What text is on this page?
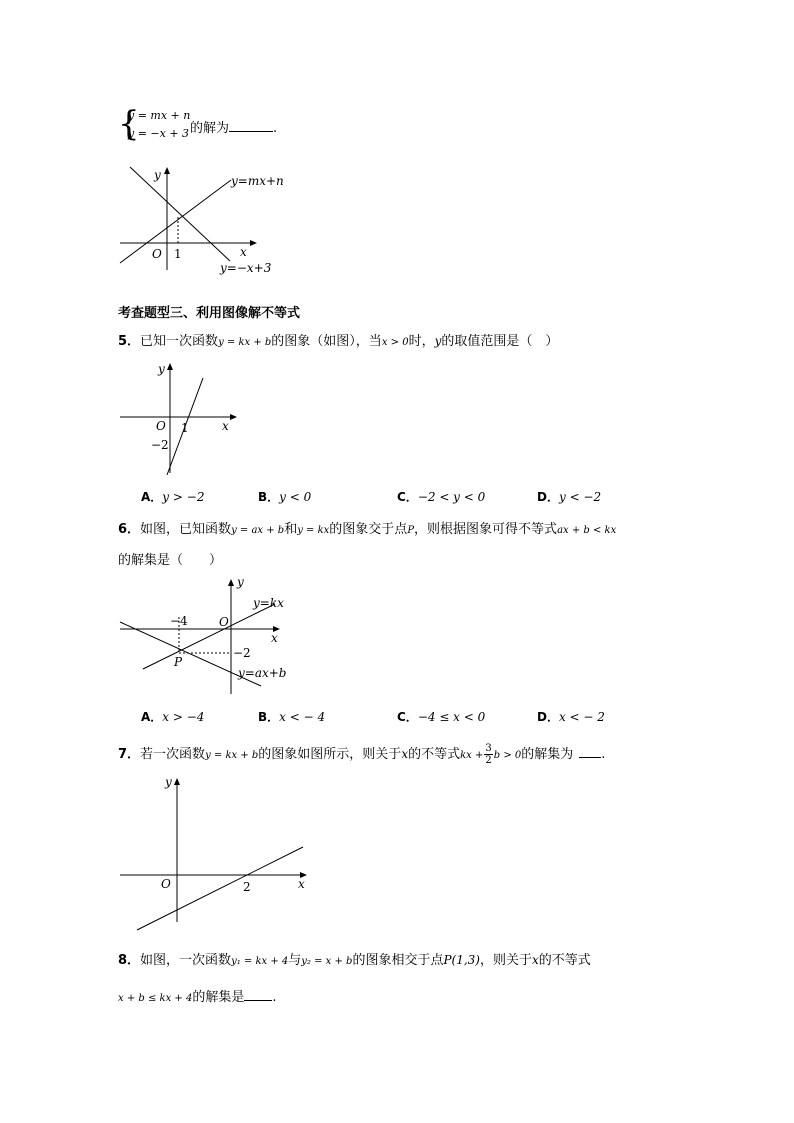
{
y = mx + n
y = −x + 3 的解为	.
y
x
O 1
y=mx+n
y=−x+3
考查题型三、利用图像解不等式
5．已知一次函数y = kx + b的图象（如图），当x > 0时，y的取值范围是（　）
y
x
O 1
−2
A．y > −2	B．y < 0	C．−2 < y < 0	D．y < −2
6．如图，已知函数y = ax + b和y = kx的图象交于点P，则根据图象可得不等式ax + b < kx
的解集是（　　）
y
x
O
−4
−2
P
y=kx
y=ax+b
A．x > −4	B．x < − 4	C．−4 ≤ x < 0	D．x < − 2
7．若一次函数y = kx + b的图象如图所示，则关于x的不等式kx + $\frac{3}{2}$ b > 0的解集为 .
y
x
O	2
8．如图，一次函数y₁ = kx + 4与y₂ = x + b的图象相交于点P(1,3)，则关于x的不等式
x + b ≤ kx + 4的解集是 .
